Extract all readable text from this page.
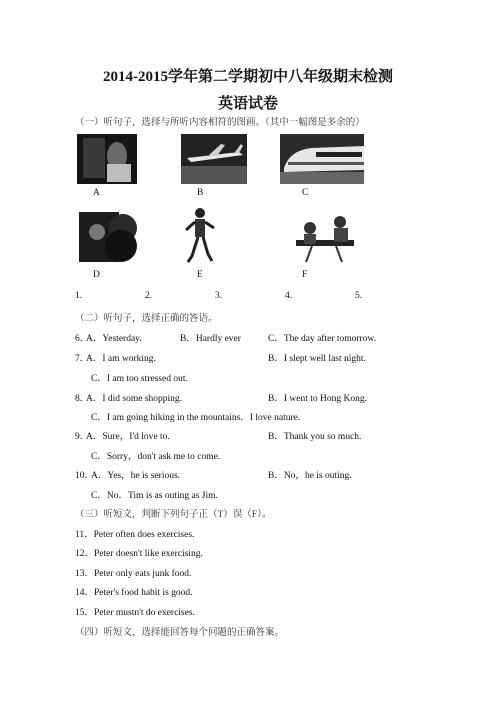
2014-2015学年第二学期初中八年级期末检测
英语试卷
（一）听句子，选择与所听内容相符的图画。（其中一幅图是多余的）
A	B	C
D	E	F
1.	2.	3.	4.	5.
（二）听句子，选择正确的答语。
6．
A．Yesterday.	B．Hardly ever	C．The day after tomorrow.
7．
A．I am working.	B．I slept well last night.
C．I am too stressed out.
8．
A．I did some shopping.	B．I went to Hong Kong.
C．I am going hiking in the mountains．I love nature.
9．
A．Sure，I'd love to.	B．Thank you so much.
C．Sorry，don't ask me to come.
10．
A．Yes，he is serious.	B．No，he is outing.
C．No．Tim is as outing as Jim.
（三）听短文，判断下列句子正（T）误（F）。
11．Peter often does exercises.
12．Peter doesn't like exercising.
13．Peter only eats junk food.
14．Peter's food habit is good.
15．Peter mustn't do exercises.
（四）听短文，选择能回答每个问题的正确答案。
